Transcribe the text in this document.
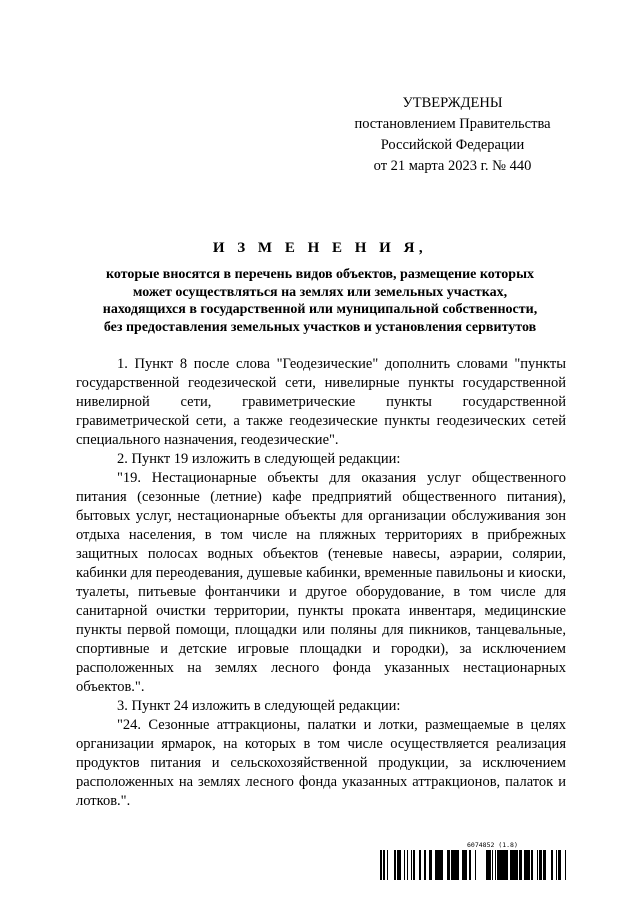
УТВЕРЖДЕНЫ
постановлением Правительства
Российской Федерации
от 21 марта 2023 г. № 440
И З М Е Н Е Н И Я,
которые вносятся в перечень видов объектов, размещение которых
может осуществляться на землях или земельных участках,
находящихся в государственной или муниципальной собственности,
без предоставления земельных участков и установления сервитутов

1. Пункт 8 после слова "Геодезические" дополнить словами "пункты государственной геодезической сети, нивелирные пункты государственной нивелирной сети, гравиметрические пункты государственной гравиметрической сети, а также геодезические пункты геодезических сетей специального назначения, геодезические".

2. Пункт 19 изложить в следующей редакции:

"19. Нестационарные объекты для оказания услуг общественного питания (сезонные (летние) кафе предприятий общественного питания), бытовых услуг, нестационарные объекты для организации обслуживания зон отдыха населения, в том числе на пляжных территориях в прибрежных защитных полосах водных объектов (теневые навесы, аэрарии, солярии, кабинки для переодевания, душевые кабинки, временные павильоны и киоски, туалеты, питьевые фонтанчики и другое оборудование, в том числе для санитарной очистки территории, пункты проката инвентаря, медицинские пункты первой помощи, площадки или поляны для пикников, танцевальные, спортивные и детские игровые площадки и городки), за исключением расположенных на землях лесного фонда указанных нестационарных объектов.".

3. Пункт 24 изложить в следующей редакции:

"24. Сезонные аттракционы, палатки и лотки, размещаемые в целях организации ярмарок, на которых в том числе осуществляется реализация продуктов питания и сельскохозяйственной продукции, за исключением расположенных на землях лесного фонда указанных аттракционов, палаток и лотков.".

6074852 (1.8)
